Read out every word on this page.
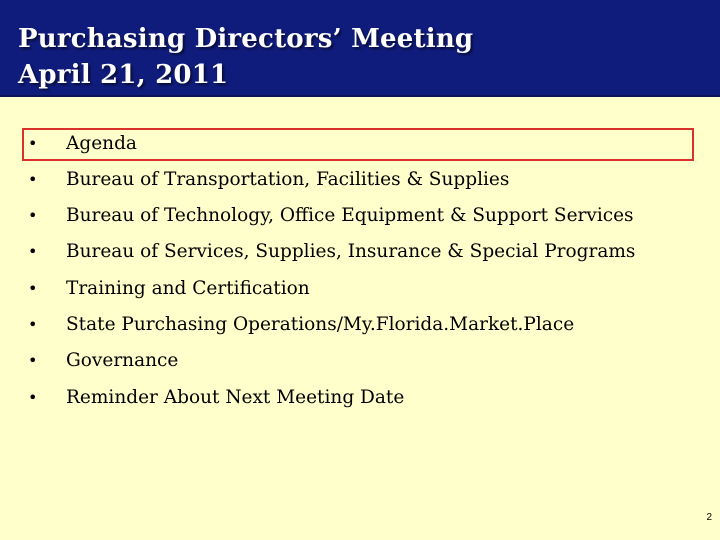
Purchasing Directors’ Meeting
April 21, 2011
• Agenda
• Bureau of Transportation, Facilities & Supplies
• Bureau of Technology, Office Equipment & Support Services
• Bureau of Services, Supplies, Insurance & Special Programs
• Training and Certification
• State Purchasing Operations/My.Florida.Market.Place
• Governance
• Reminder About Next Meeting Date
2
